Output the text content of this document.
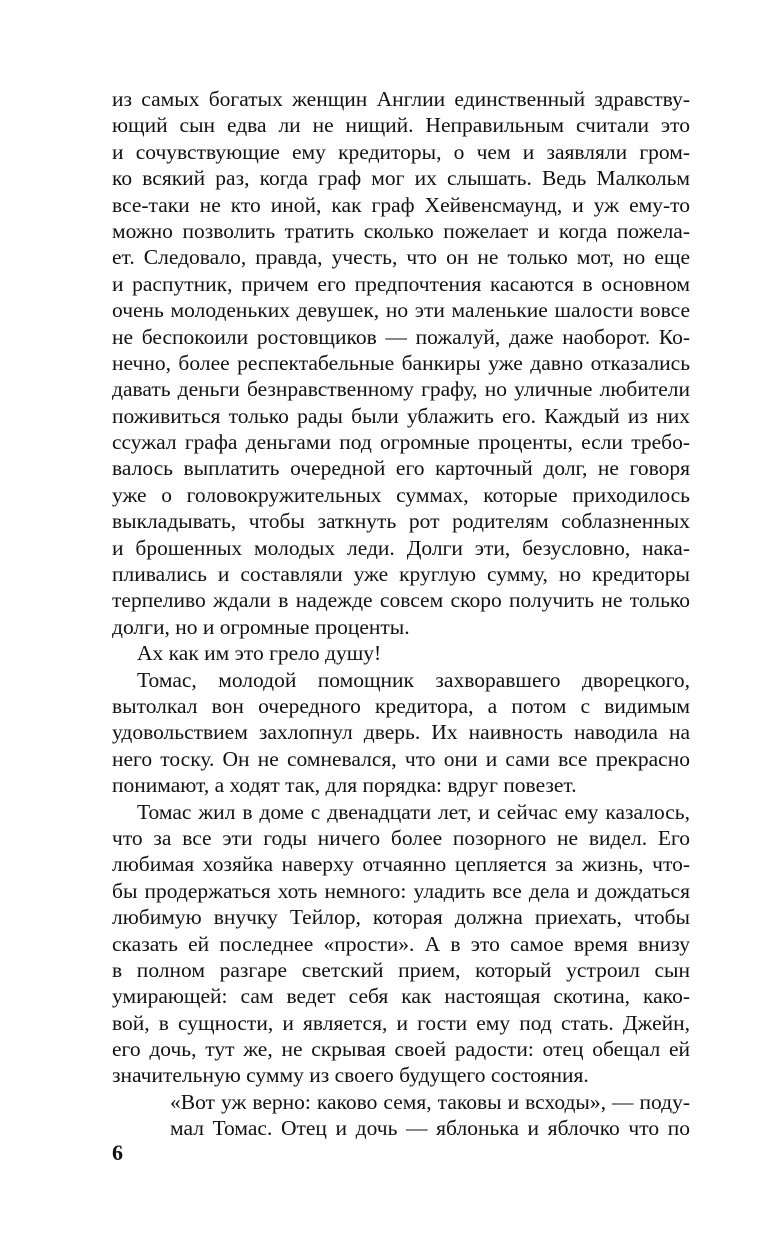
из самых богатых женщин Англии единственный здравству-
ющий сын едва ли не нищий. Неправильным считали это
и сочувствующие ему кредиторы, о чем и заявляли гром-
ко всякий раз, когда граф мог их слышать. Ведь Малкольм
все-таки не кто иной, как граф Хейвенсмаунд, и уж ему-то
можно позволить тратить сколько пожелает и когда пожела-
ет. Следовало, правда, учесть, что он не только мот, но еще
и распутник, причем его предпочтения касаются в основном
очень молоденьких девушек, но эти маленькие шалости вовсе
не беспокоили ростовщиков — пожалуй, даже наоборот. Ко-
нечно, более респектабельные банкиры уже давно отказались
давать деньги безнравственному графу, но уличные любители
поживиться только рады были ублажить его. Каждый из них
ссужал графа деньгами под огромные проценты, если требо-
валось выплатить очередной его карточный долг, не говоря
уже о головокружительных суммах, которые приходилось
выкладывать, чтобы заткнуть рот родителям соблазненных
и брошенных молодых леди. Долги эти, безусловно, нака-
пливались и составляли уже круглую сумму, но кредиторы
терпеливо ждали в надежде совсем скоро получить не только
долги, но и огромные проценты.
Ах как им это грело душу!
Томас, молодой помощник захворавшего дворецкого,
вытолкал вон очередного кредитора, а потом с видимым
удовольствием захлопнул дверь. Их наивность наводила на
него тоску. Он не сомневался, что они и сами все прекрасно
понимают, а ходят так, для порядка: вдруг повезет.
Томас жил в доме с двенадцати лет, и сейчас ему казалось,
что за все эти годы ничего более позорного не видел. Его
любимая хозяйка наверху отчаянно цепляется за жизнь, что-
бы продержаться хоть немного: уладить все дела и дождаться
любимую внучку Тейлор, которая должна приехать, чтобы
сказать ей последнее «прости». А в это самое время внизу
в полном разгаре светский прием, который устроил сын
умирающей: сам ведет себя как настоящая скотина, како-
вой, в сущности, и является, и гости ему под стать. Джейн,
его дочь, тут же, не скрывая своей радости: отец обещал ей
значительную сумму из своего будущего состояния.
«Вот уж верно: каково семя, таковы и всходы», — поду-
мал Томас. Отец и дочь — яблонька и яблочко что по
6
